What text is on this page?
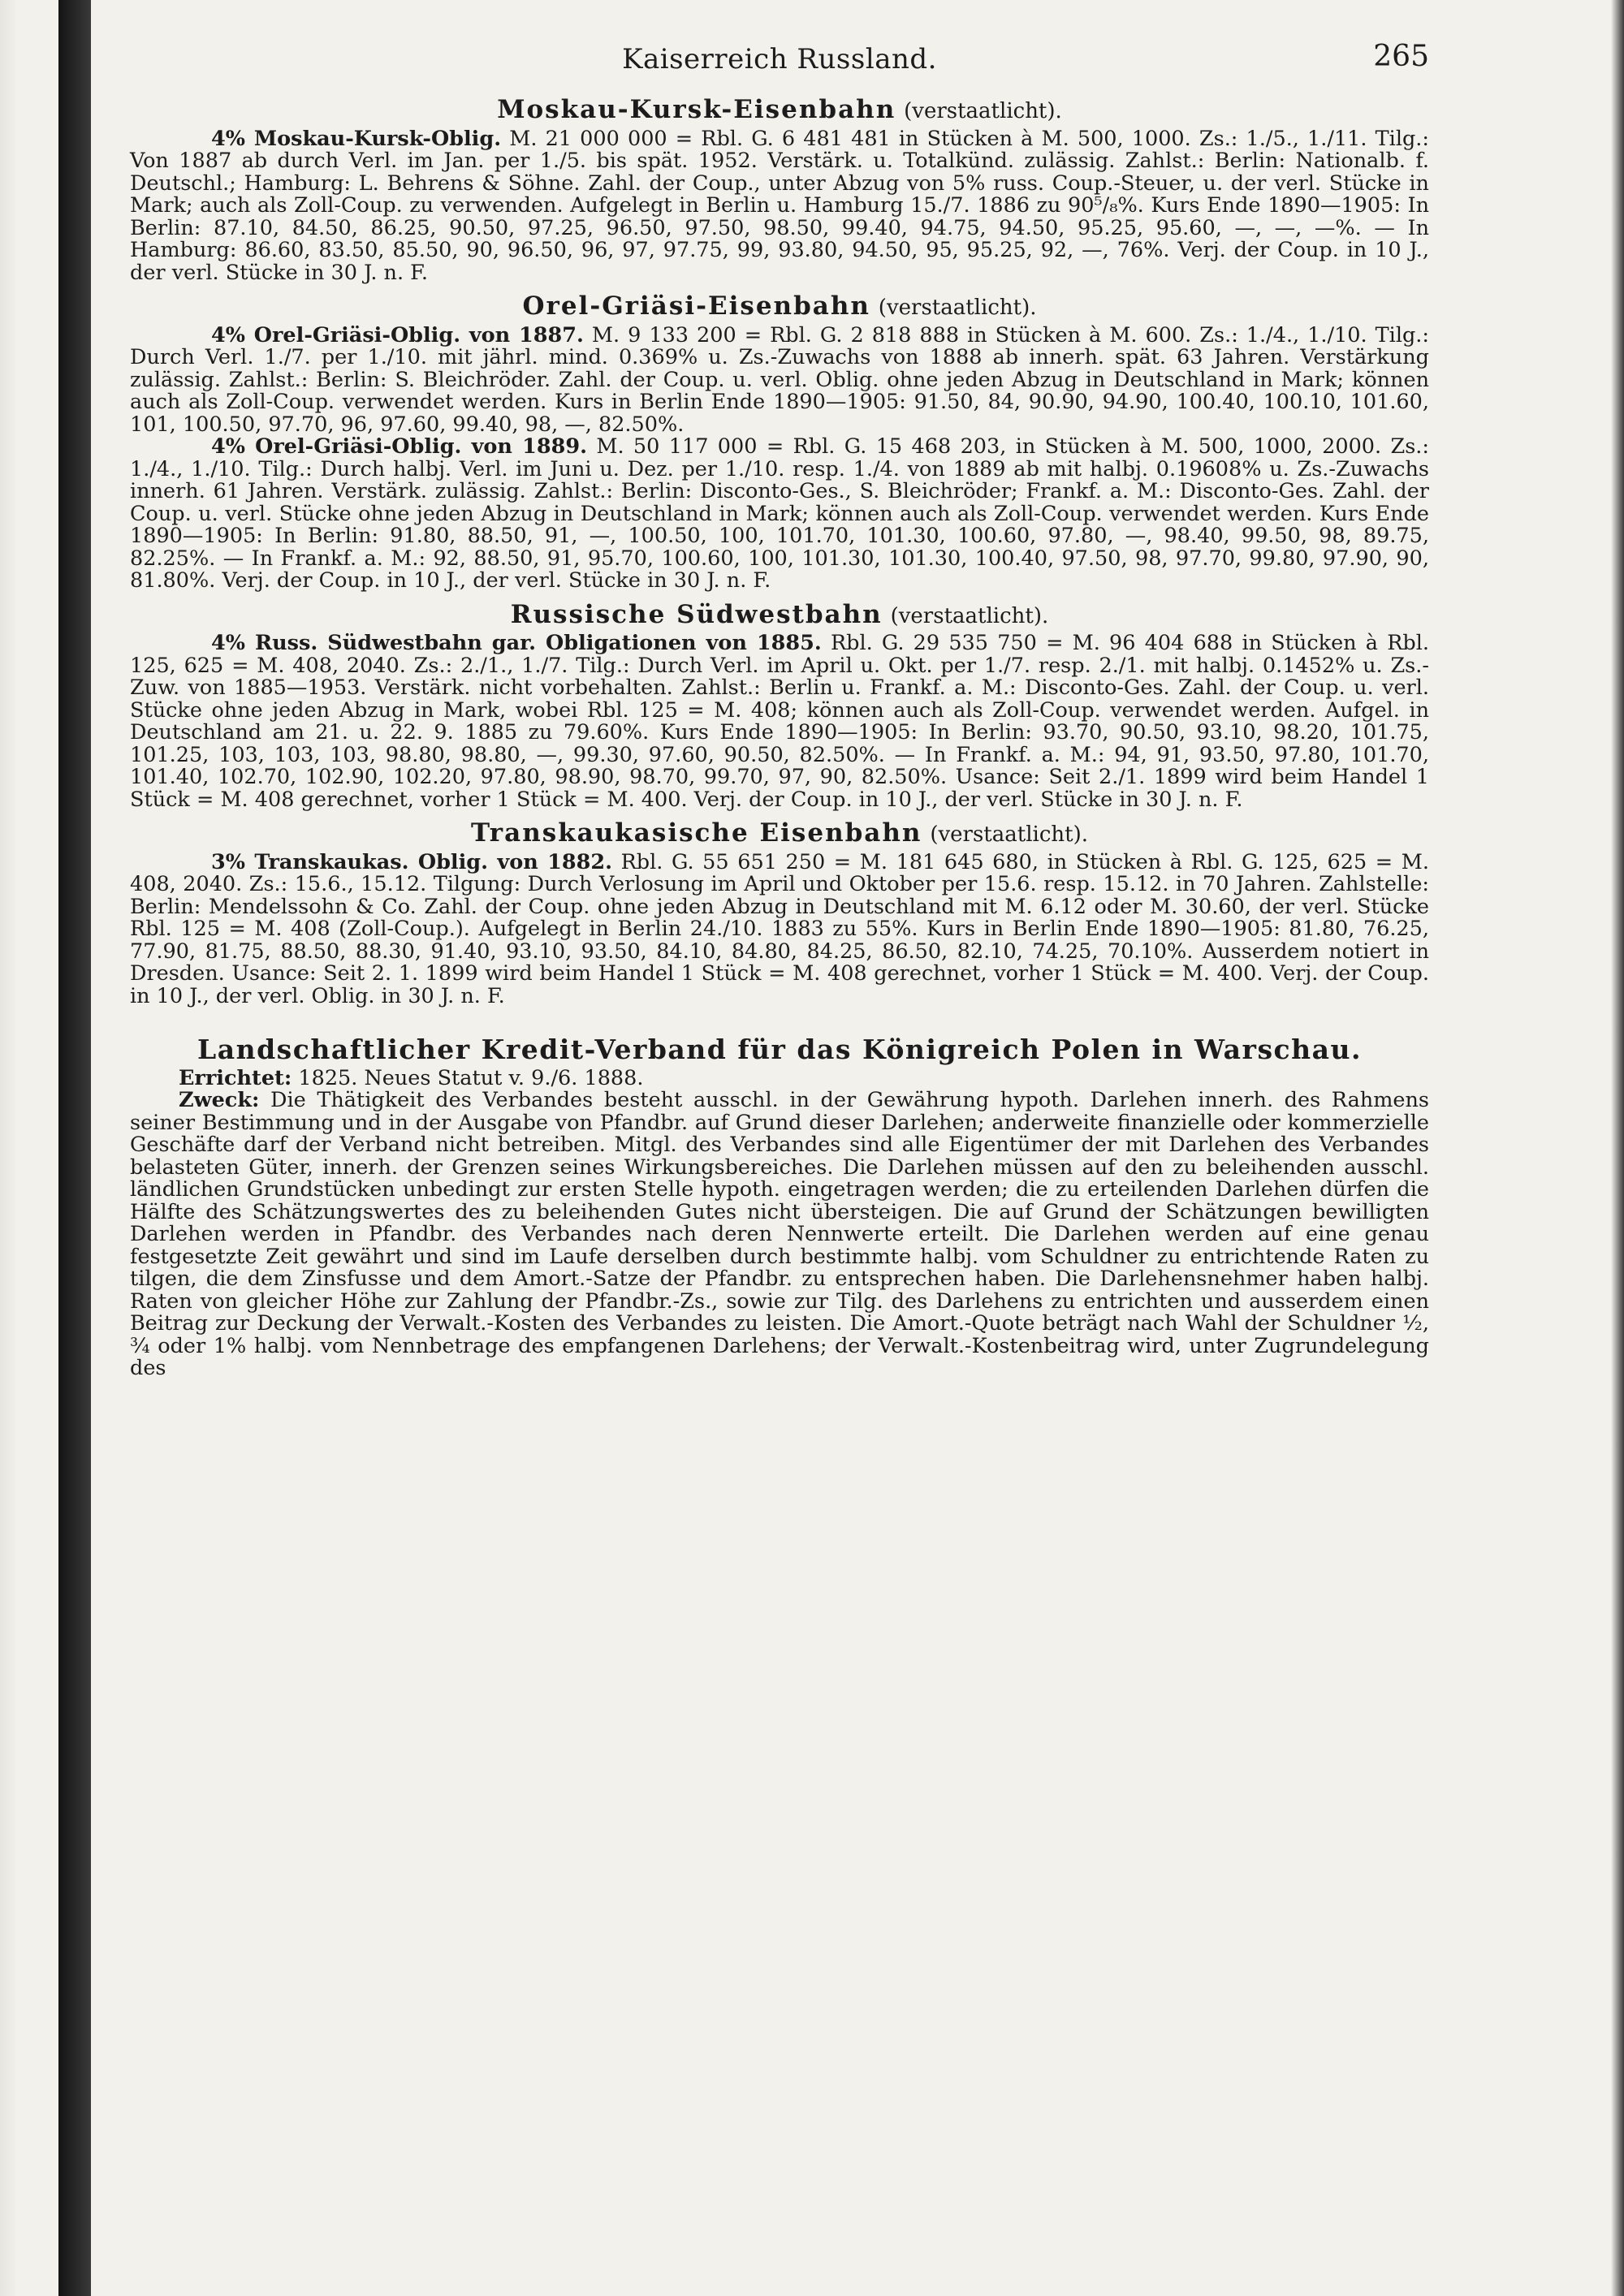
Kaiserreich Russland.	265
Moskau-Kursk-Eisenbahn (verstaatlicht).

4% Moskau-Kursk-Oblig. M. 21 000 000 = Rbl. G. 6 481 481 in Stücken à M. 500, 1000. Zs.: 1./5., 1./11. Tilg.: Von 1887 ab durch Verl. im Jan. per 1./5. bis spät. 1952. Verstärk. u. Totalkünd. zulässig. Zahlst.: Berlin: Nationalb. f. Deutschl.; Hamburg: L. Behrens & Söhne. Zahl. der Coup., unter Abzug von 5% russ. Coup.-Steuer, u. der verl. Stücke in Mark; auch als Zoll-Coup. zu verwenden. Aufgelegt in Berlin u. Hamburg 15./7. 1886 zu 90⁵/₈%. Kurs Ende 1890—1905: In Berlin: 87.10, 84.50, 86.25, 90.50, 97.25, 96.50, 97.50, 98.50, 99.40, 94.75, 94.50, 95.25, 95.60, —, —, —%. — In Hamburg: 86.60, 83.50, 85.50, 90, 96.50, 96, 97, 97.75, 99, 93.80, 94.50, 95, 95.25, 92, —, 76%. Verj. der Coup. in 10 J., der verl. Stücke in 30 J. n. F.

Orel-Griäsi-Eisenbahn (verstaatlicht).

4% Orel-Griäsi-Oblig. von 1887. M. 9 133 200 = Rbl. G. 2 818 888 in Stücken à M. 600. Zs.: 1./4., 1./10. Tilg.: Durch Verl. 1./7. per 1./10. mit jährl. mind. 0.369% u. Zs.-Zuwachs von 1888 ab innerh. spät. 63 Jahren. Verstärkung zulässig. Zahlst.: Berlin: S. Bleichröder. Zahl. der Coup. u. verl. Oblig. ohne jeden Abzug in Deutschland in Mark; können auch als Zoll-Coup. verwendet werden. Kurs in Berlin Ende 1890—1905: 91.50, 84, 90.90, 94.90, 100.40, 100.10, 101.60, 101, 100.50, 97.70, 96, 97.60, 99.40, 98, —, 82.50%.

4% Orel-Griäsi-Oblig. von 1889. M. 50 117 000 = Rbl. G. 15 468 203, in Stücken à M. 500, 1000, 2000. Zs.: 1./4., 1./10. Tilg.: Durch halbj. Verl. im Juni u. Dez. per 1./10. resp. 1./4. von 1889 ab mit halbj. 0.19608% u. Zs.-Zuwachs innerh. 61 Jahren. Verstärk. zulässig. Zahlst.: Berlin: Disconto-Ges., S. Bleichröder; Frankf. a. M.: Disconto-Ges. Zahl. der Coup. u. verl. Stücke ohne jeden Abzug in Deutschland in Mark; können auch als Zoll-Coup. verwendet werden. Kurs Ende 1890—1905: In Berlin: 91.80, 88.50, 91, —, 100.50, 100, 101.70, 101.30, 100.60, 97.80, —, 98.40, 99.50, 98, 89.75, 82.25%. — In Frankf. a. M.: 92, 88.50, 91, 95.70, 100.60, 100, 101.30, 101.30, 100.40, 97.50, 98, 97.70, 99.80, 97.90, 90, 81.80%. Verj. der Coup. in 10 J., der verl. Stücke in 30 J. n. F.

Russische Südwestbahn (verstaatlicht).

4% Russ. Südwestbahn gar. Obligationen von 1885. Rbl. G. 29 535 750 = M. 96 404 688 in Stücken à Rbl. 125, 625 = M. 408, 2040. Zs.: 2./1., 1./7. Tilg.: Durch Verl. im April u. Okt. per 1./7. resp. 2./1. mit halbj. 0.1452% u. Zs.-Zuw. von 1885—1953. Verstärk. nicht vorbehalten. Zahlst.: Berlin u. Frankf. a. M.: Disconto-Ges. Zahl. der Coup. u. verl. Stücke ohne jeden Abzug in Mark, wobei Rbl. 125 = M. 408; können auch als Zoll-Coup. verwendet werden. Aufgel. in Deutschland am 21. u. 22. 9. 1885 zu 79.60%. Kurs Ende 1890—1905: In Berlin: 93.70, 90.50, 93.10, 98.20, 101.75, 101.25, 103, 103, 103, 98.80, 98.80, —, 99.30, 97.60, 90.50, 82.50%. — In Frankf. a. M.: 94, 91, 93.50, 97.80, 101.70, 101.40, 102.70, 102.90, 102.20, 97.80, 98.90, 98.70, 99.70, 97, 90, 82.50%. Usance: Seit 2./1. 1899 wird beim Handel 1 Stück = M. 408 gerechnet, vorher 1 Stück = M. 400. Verj. der Coup. in 10 J., der verl. Stücke in 30 J. n. F.

Transkaukasische Eisenbahn (verstaatlicht).

3% Transkaukas. Oblig. von 1882. Rbl. G. 55 651 250 = M. 181 645 680, in Stücken à Rbl. G. 125, 625 = M. 408, 2040. Zs.: 15.6., 15.12. Tilgung: Durch Verlosung im April und Oktober per 15.6. resp. 15.12. in 70 Jahren. Zahlstelle: Berlin: Mendelssohn & Co. Zahl. der Coup. ohne jeden Abzug in Deutschland mit M. 6.12 oder M. 30.60, der verl. Stücke Rbl. 125 = M. 408 (Zoll-Coup.). Aufgelegt in Berlin 24./10. 1883 zu 55%. Kurs in Berlin Ende 1890—1905: 81.80, 76.25, 77.90, 81.75, 88.50, 88.30, 91.40, 93.10, 93.50, 84.10, 84.80, 84.25, 86.50, 82.10, 74.25, 70.10%. Ausserdem notiert in Dresden. Usance: Seit 2. 1. 1899 wird beim Handel 1 Stück = M. 408 gerechnet, vorher 1 Stück = M. 400. Verj. der Coup. in 10 J., der verl. Oblig. in 30 J. n. F.

Landschaftlicher Kredit-Verband für das Königreich Polen in Warschau.

Errichtet: 1825. Neues Statut v. 9./6. 1888.

Zweck: Die Thätigkeit des Verbandes besteht ausschl. in der Gewährung hypoth. Darlehen innerh. des Rahmens seiner Bestimmung und in der Ausgabe von Pfandbr. auf Grund dieser Darlehen; anderweite finanzielle oder kommerzielle Geschäfte darf der Verband nicht betreiben. Mitgl. des Verbandes sind alle Eigentümer der mit Darlehen des Verbandes belasteten Güter, innerh. der Grenzen seines Wirkungsbereiches. Die Darlehen müssen auf den zu beleihenden ausschl. ländlichen Grundstücken unbedingt zur ersten Stelle hypoth. eingetragen werden; die zu erteilenden Darlehen dürfen die Hälfte des Schätzungswertes des zu beleihenden Gutes nicht übersteigen. Die auf Grund der Schätzungen bewilligten Darlehen werden in Pfandbr. des Verbandes nach deren Nennwerte erteilt. Die Darlehen werden auf eine genau festgesetzte Zeit gewährt und sind im Laufe derselben durch bestimmte halbj. vom Schuldner zu entrichtende Raten zu tilgen, die dem Zinsfusse und dem Amort.-Satze der Pfandbr. zu entsprechen haben. Die Darlehensnehmer haben halbj. Raten von gleicher Höhe zur Zahlung der Pfandbr.-Zs., sowie zur Tilg. des Darlehens zu entrichten und ausserdem einen Beitrag zur Deckung der Verwalt.-Kosten des Verbandes zu leisten. Die Amort.-Quote beträgt nach Wahl der Schuldner ½, ¾ oder 1% halbj. vom Nennbetrage des empfangenen Darlehens; der Verwalt.-Kostenbeitrag wird, unter Zugrundelegung des
